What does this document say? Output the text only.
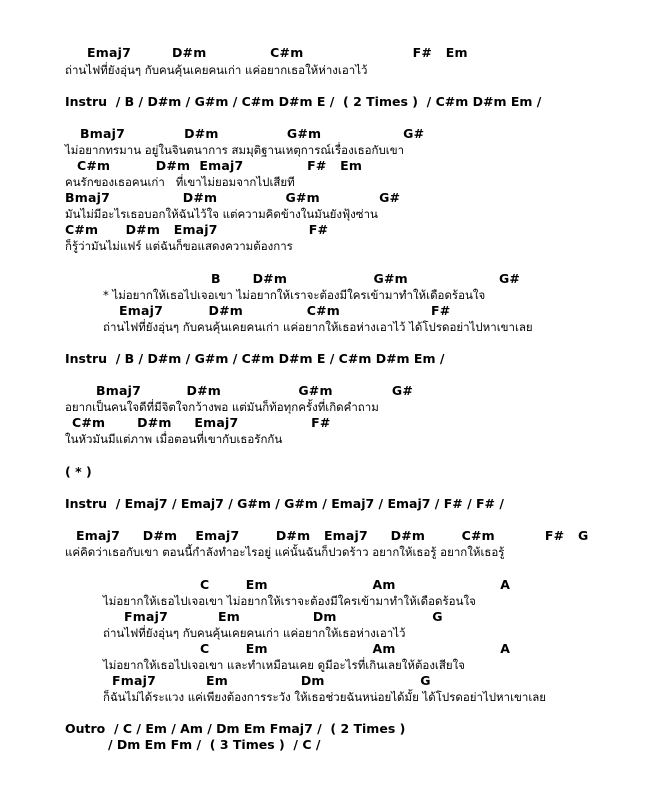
Emaj7         D#m              C#m                        F#   Em
ถ่านไฟที่ยังอุ่นๆ กับคนคุ้นเคยคนเก่า แค่อยากเธอให้ห่างเอาไว้
Instru  / B / D#m / G#m / C#m D#m E /  ( 2 Times )  / C#m D#m Em /
Bmaj7             D#m               G#m                  G#
ไม่อยากทรมาน อยู่ในจินตนาการ สมมุติฐานเหตุการณ์เรื่องเธอกับเขา
C#m          D#m  Emaj7              F#   Em
คนรักของเธอคนเก่า   ที่เขาไม่ยอมจากไปเสียที
Bmaj7                D#m               G#m             G#
มันไม่มีอะไรเธอบอกให้ฉันไว้ใจ แต่ความคิดข้างในมันยังฟุ้งซ่าน
C#m      D#m   Emaj7                    F#
ก็รู้ว่ามันไม่แฟร์ แต่ฉันก็ขอแสดงความต้องการ
B       D#m                   G#m                    G#
* ไม่อยากให้เธอไปเจอเขา ไม่อยากให้เราจะต้องมีใครเข้ามาทำให้เดือดร้อนใจ
Emaj7          D#m              C#m                    F#
ถ่านไฟที่ยังอุ่นๆ กับคนคุ้นเคยคนเก่า แค่อยากให้เธอห่างเอาไว้ ได้โปรดอย่าไปหาเขาเลย
Instru  / B / D#m / G#m / C#m D#m E / C#m D#m Em /
Bmaj7          D#m                 G#m             G#
อยากเป็นคนใจดีที่มีจิตใจกว้างพอ แต่มันก็ท้อทุกครั้งที่เกิดคำถาม
C#m       D#m     Emaj7                F#
ในหัวมันมีแต่ภาพ เมื่อตอนที่เขากับเธอรักกัน
( * )
Instru  / Emaj7 / Emaj7 / G#m / G#m / Emaj7 / Emaj7 / F# / F# /
Emaj7     D#m    Emaj7        D#m   Emaj7     D#m        C#m           F#   G
แค่คิดว่าเธอกับเขา ตอนนี้กำลังทำอะไรอยู่ แค่นั้นฉันก็ปวดร้าว อยากให้เธอรู้ อยากให้เธอรู้
C        Em                       Am                       A
ไม่อยากให้เธอไปเจอเขา ไม่อยากให้เราจะต้องมีใครเข้ามาทำให้เดือดร้อนใจ
Fmaj7           Em                Dm                     G
ถ่านไฟที่ยังอุ่นๆ กับคนคุ้นเคยคนเก่า แค่อยากให้เธอห่างเอาไว้
C        Em                       Am                       A
ไม่อยากให้เธอไปเจอเขา และทำเหมือนเคย ดูมีอะไรที่เกินเลยให้ต้องเสียใจ
Fmaj7           Em                Dm                     G
ก็ฉันไม่ได้ระแวง แค่เพียงต้องการระวัง ให้เธอช่วยฉันหน่อยได้มั้ย ได้โปรดอย่าไปหาเขาเลย
Outro  / C / Em / Am / Dm Em Fmaj7 /  ( 2 Times )
/ Dm Em Fm /  ( 3 Times )  / C /
